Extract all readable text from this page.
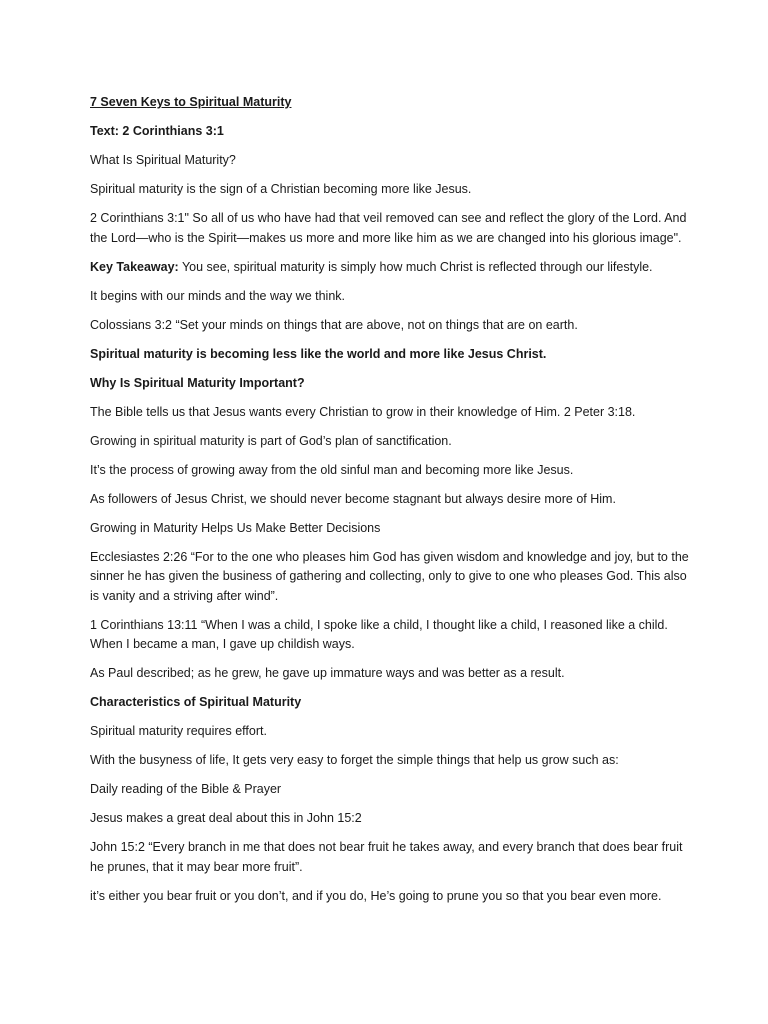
7 Seven Keys to Spiritual Maturity

Text: 2 Corinthians 3:1

What Is Spiritual Maturity?

Spiritual maturity is the sign of a Christian becoming more like Jesus.

2 Corinthians 3:1" So all of us who have had that veil removed can see and reflect the glory of the Lord. And the Lord—who is the Spirit—makes us more and more like him as we are changed into his glorious image".

Key Takeaway: You see, spiritual maturity is simply how much Christ is reflected through our lifestyle.

It begins with our minds and the way we think.

Colossians 3:2 “Set your minds on things that are above, not on things that are on earth.

Spiritual maturity is becoming less like the world and more like Jesus Christ.

Why Is Spiritual Maturity Important?

The Bible tells us that Jesus wants every Christian to grow in their knowledge of Him. 2 Peter 3:18.

Growing in spiritual maturity is part of God’s plan of sanctification.

It’s the process of growing away from the old sinful man and becoming more like Jesus.

As followers of Jesus Christ, we should never become stagnant but always desire more of Him.

Growing in Maturity Helps Us Make Better Decisions

Ecclesiastes 2:26 “For to the one who pleases him God has given wisdom and knowledge and joy, but to the sinner he has given the business of gathering and collecting, only to give to one who pleases God. This also is vanity and a striving after wind”.

1 Corinthians 13:11 “When I was a child, I spoke like a child, I thought like a child, I reasoned like a child. When I became a man, I gave up childish ways.

As Paul described; as he grew, he gave up immature ways and was better as a result.

Characteristics of Spiritual Maturity

Spiritual maturity requires effort.

With the busyness of life, It gets very easy to forget the simple things that help us grow such as:

Daily reading of the Bible & Prayer

Jesus makes a great deal about this in John 15:2

John 15:2 “Every branch in me that does not bear fruit he takes away, and every branch that does bear fruit he prunes, that it may bear more fruit”.

it’s either you bear fruit or you don’t, and if you do, He’s going to prune you so that you bear even more.
